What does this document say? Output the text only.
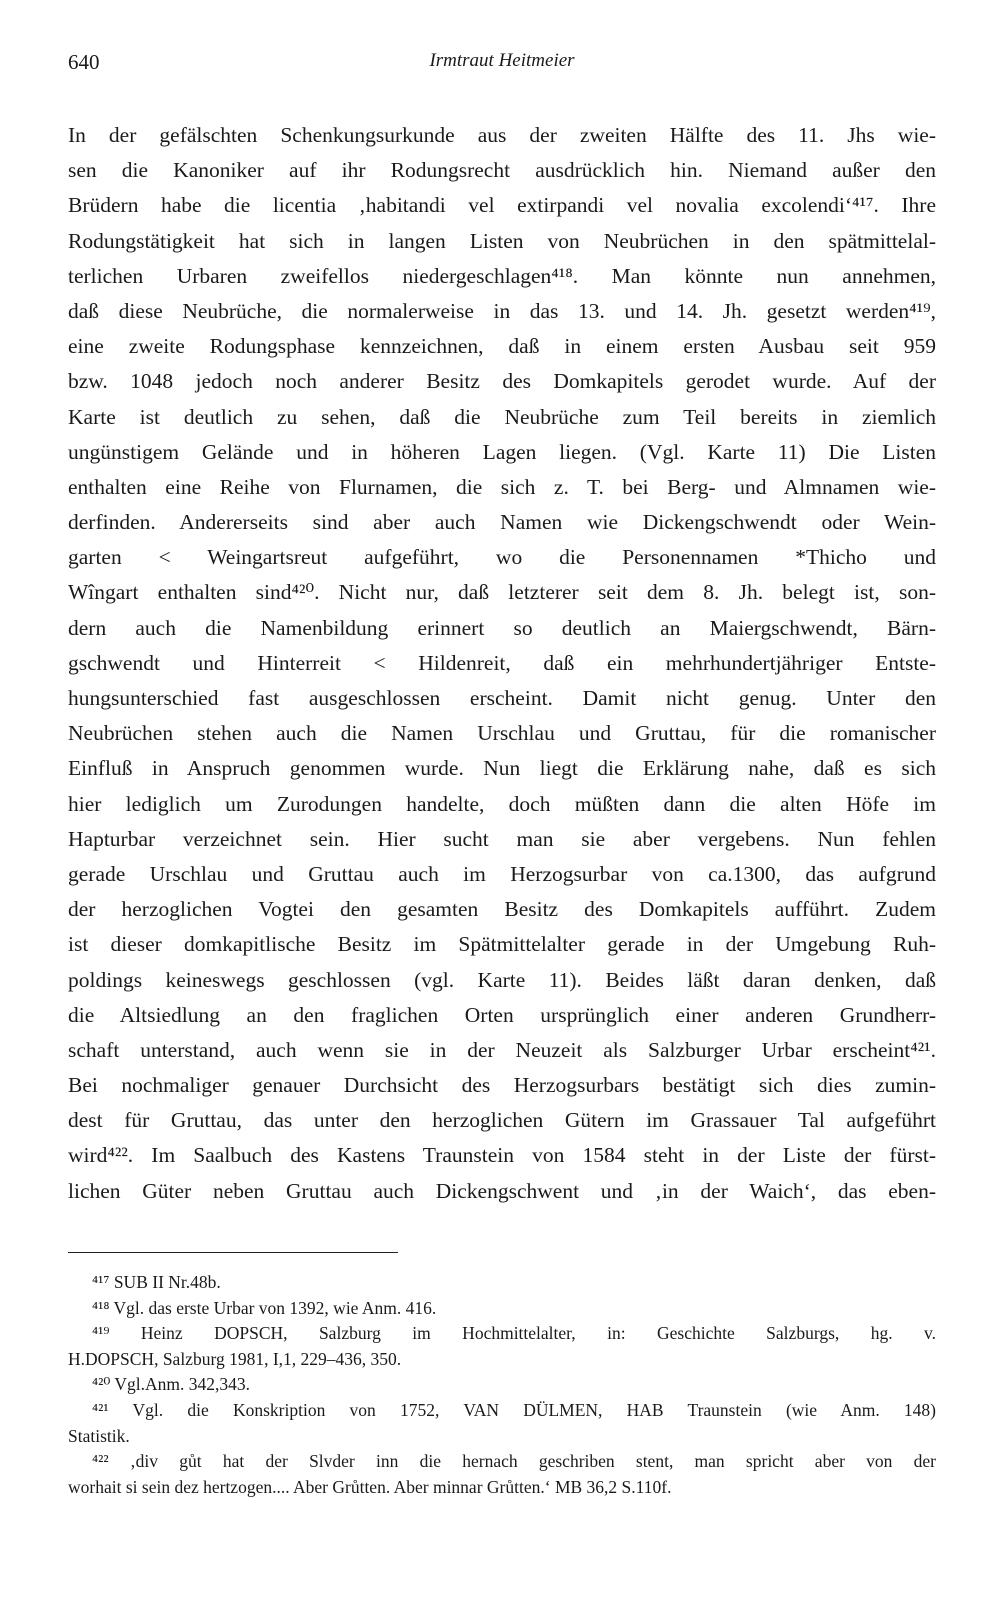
640	Irmtraut Heitmeier
In der gefälschten Schenkungsurkunde aus der zweiten Hälfte des 11. Jhs wie-
sen die Kanoniker auf ihr Rodungsrecht ausdrücklich hin. Niemand außer den
Brüdern habe die licentia ‚habitandi vel extirpandi vel novalia excolendi‘⁴¹⁷. Ihre
Rodungstätigkeit hat sich in langen Listen von Neubrüchen in den spätmittelal-
terlichen Urbaren zweifellos niedergeschlagen⁴¹⁸. Man könnte nun annehmen,
daß diese Neubrüche, die normalerweise in das 13. und 14. Jh. gesetzt werden⁴¹⁹,
eine zweite Rodungsphase kennzeichnen, daß in einem ersten Ausbau seit 959
bzw. 1048 jedoch noch anderer Besitz des Domkapitels gerodet wurde. Auf der
Karte ist deutlich zu sehen, daß die Neubrüche zum Teil bereits in ziemlich
ungünstigem Gelände und in höheren Lagen liegen. (Vgl. Karte 11) Die Listen
enthalten eine Reihe von Flurnamen, die sich z. T. bei Berg- und Almnamen wie-
derfinden. Andererseits sind aber auch Namen wie Dickengschwendt oder Wein-
garten < Weingartsreut aufgeführt, wo die Personennamen *Thicho und
Wîngart enthalten sind⁴²⁰. Nicht nur, daß letzterer seit dem 8. Jh. belegt ist, son-
dern auch die Namenbildung erinnert so deutlich an Maiergschwendt, Bärn-
gschwendt und Hinterreit < Hildenreit, daß ein mehrhundertjähriger Entste-
hungsunterschied fast ausgeschlossen erscheint. Damit nicht genug. Unter den
Neubrüchen stehen auch die Namen Urschlau und Gruttau, für die romanischer
Einfluß in Anspruch genommen wurde. Nun liegt die Erklärung nahe, daß es sich
hier lediglich um Zurodungen handelte, doch müßten dann die alten Höfe im
Hapturbar verzeichnet sein. Hier sucht man sie aber vergebens. Nun fehlen
gerade Urschlau und Gruttau auch im Herzogsurbar von ca.1300, das aufgrund
der herzoglichen Vogtei den gesamten Besitz des Domkapitels aufführt. Zudem
ist dieser domkapitlische Besitz im Spätmittelalter gerade in der Umgebung Ruh-
poldings keineswegs geschlossen (vgl. Karte 11). Beides läßt daran denken, daß
die Altsiedlung an den fraglichen Orten ursprünglich einer anderen Grundherr-
schaft unterstand, auch wenn sie in der Neuzeit als Salzburger Urbar erscheint⁴²¹.
Bei nochmaliger genauer Durchsicht des Herzogsurbars bestätigt sich dies zumin-
dest für Gruttau, das unter den herzoglichen Gütern im Grassauer Tal aufgeführt
wird⁴²². Im Saalbuch des Kastens Traunstein von 1584 steht in der Liste der fürst-
lichen Güter neben Gruttau auch Dickengschwent und ‚in der Waich‘, das eben-
⁴¹⁷ SUB II Nr.48b.
⁴¹⁸ Vgl. das erste Urbar von 1392, wie Anm. 416.
⁴¹⁹ Heinz DOPSCH, Salzburg im Hochmittelalter, in: Geschichte Salzburgs, hg. v.
H.DOPSCH, Salzburg 1981, I,1, 229–436, 350.
⁴²⁰ Vgl.Anm. 342,343.
⁴²¹ Vgl. die Konskription von 1752, VAN DÜLMEN, HAB Traunstein (wie Anm. 148)
Statistik.
⁴²² ‚div gůt hat der Slvder inn die hernach geschriben stent, man spricht aber von der
worhait si sein dez hertzogen.... Aber Grůtten. Aber minnar Grůtten.‘ MB 36,2 S.110f.
